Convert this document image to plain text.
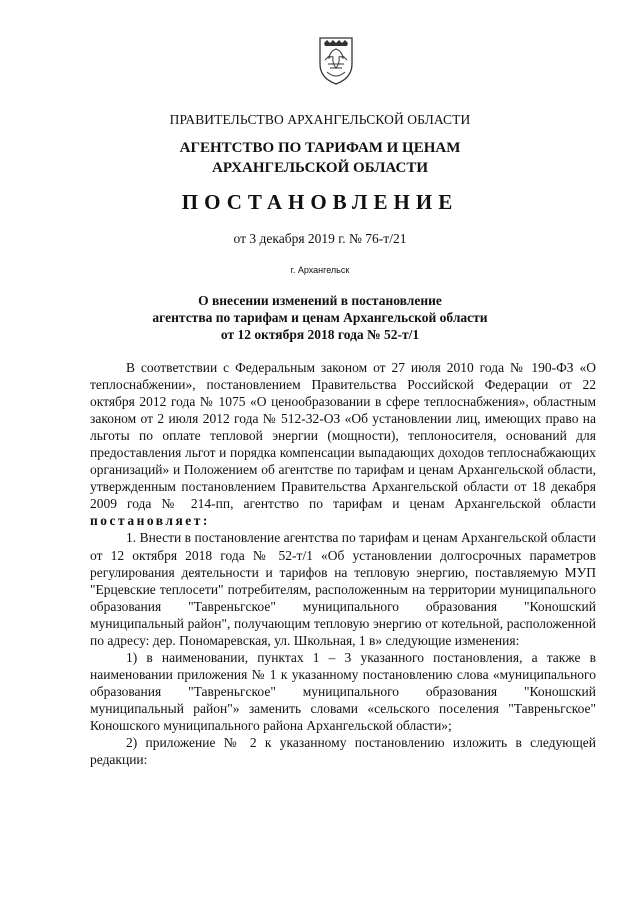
ПРАВИТЕЛЬСТВО АРХАНГЕЛЬСКОЙ ОБЛАСТИ
АГЕНТСТВО ПО ТАРИФАМ И ЦЕНАМ
АРХАНГЕЛЬСКОЙ ОБЛАСТИ
ПОСТАНОВЛЕНИЕ
от 3 декабря 2019 г. № 76-т/21
г. Архангельск
О внесении изменений в постановление
агентства по тарифам и ценам Архангельской области
от 12 октября 2018 года № 52-т/1

В соответствии с Федеральным законом от 27 июля 2010 года № 190-ФЗ «О теплоснабжении», постановлением Правительства Российской Федерации от 22 октября 2012 года № 1075 «О ценообразовании в сфере теплоснабжения», областным законом от 2 июля 2012 года № 512-32-ОЗ «Об установлении лиц, имеющих право на льготы по оплате тепловой энергии (мощности), теплоносителя, оснований для предоставления льгот и порядка компенсации выпадающих доходов теплоснабжающих организаций» и Положением об агентстве по тарифам и ценам Архангельской области, утвержденным постановлением Правительства Архангельской области от 18 декабря 2009 года № 214-пп, агентство по тарифам и ценам Архангельской области постановляет:

1. Внести в постановление агентства по тарифам и ценам Архангельской области от 12 октября 2018 года № 52-т/1 «Об установлении долгосрочных параметров регулирования деятельности и тарифов на тепловую энергию, поставляемую МУП "Ерцевские теплосети" потребителям, расположенным на территории муниципального образования "Тавреньгское" муниципального образования "Коношский муниципальный район", получающим тепловую энергию от котельной, расположенной по адресу: дер. Пономаревская, ул. Школьная, 1 в» следующие изменения:

1) в наименовании, пунктах 1 – 3 указанного постановления, а также в наименовании приложения № 1 к указанному постановлению слова «муниципального образования "Тавреньгское" муниципального образования "Коношский муниципальный район"» заменить словами «сельского поселения "Тавреньгское" Коношского муниципального района Архангельской области»;

2) приложение № 2 к указанному постановлению изложить в следующей редакции:
